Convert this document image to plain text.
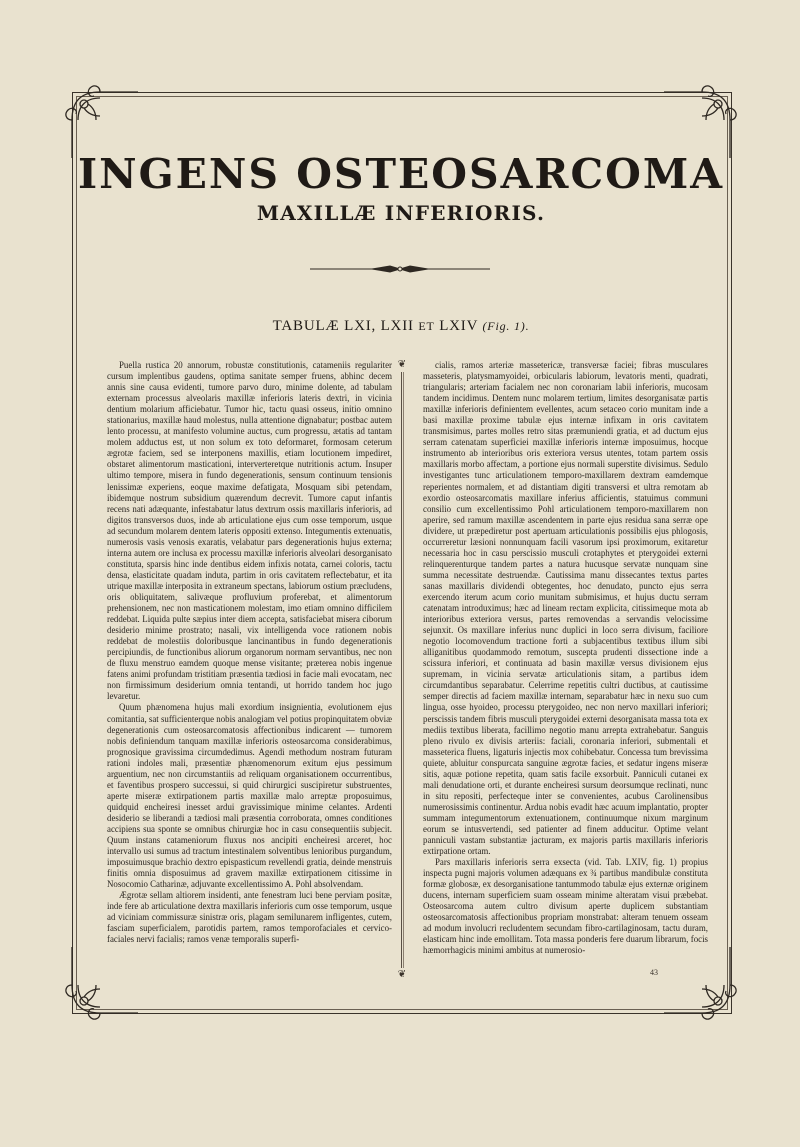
INGENS OSTEOSARCOMA
MAXILLÆ INFERIORIS.
TABULÆ LXI, LXII ET LXIV (Fig. 1).

Puella rustica 20 annorum, robustæ constitutionis, catameniis regulariter cursum implentibus gaudens, optima sanitate semper fruens, abhinc decem annis sine causa evidenti, tumore parvo duro, minime dolente, ad tabulam externam processus alveolaris maxillæ inferioris lateris dextri, in vicinia dentium molarium afficiebatur. Tumor hic, tactu quasi osseus, initio omnino stationarius, maxillæ haud molestus, nulla attentione dignabatur; postbac autem lento processu, at manifesto volumine auctus, cum progressu, ætatis ad tantam molem adductus est, ut non solum ex toto deformaret, formosam ceterum ægrotæ faciem, sed se interponens maxillis, etiam locutionem impediret, obstaret alimentorum masticationi, interverteretque nutritionis actum. Insuper ultimo tempore, misera in fundo degenerationis, sensum continuum tensionis lenissimæ experiens, eoque maxime defatigata, Mosquam sibi petendam, ibidemque nostrum subsidium quærendum decrevit. Tumore caput infantis recens nati adæquante, infestabatur latus dextrum ossis maxillaris inferioris, ad digitos transversos duos, inde ab articulatione ejus cum osse temporum, usque ad secundum molarem dentem lateris oppositi extenso. Integumentis extenuatis, numerosis vasis venosis exaratis, velabatur pars degenerationis hujus externa; interna autem ore inclusa ex processu maxillæ inferioris alveolari desorganisato constituta, sparsis hinc inde dentibus eidem infixis notata, carnei coloris, tactu densa, elasticitate quadam induta, partim in oris cavitatem reflectebatur, et ita utrique maxillæ interposita in extraneum spectans, labiorum ostium præcludens, oris obliquitatem, salivæque profluvium proferebat, et alimentorum prehensionem, nec non masticationem molestam, imo etiam omnino difficilem reddebat. Liquida pulte sæpius inter diem accepta, satisfaciebat misera ciborum desiderio minime prostrato; nasali, vix intelligenda voce rationem nobis reddebat de molestiis doloribusque lancinantibus in fundo degenerationis percipiundis, de functionibus aliorum organorum normam servantibus, nec non de fluxu menstruo eamdem quoque mense visitante; præterea nobis ingenue fatens animi profundam tristitiam præsentia tædiosi in facie mali evocatam, nec non firmissimum desiderium omnia tentandi, ut horrido tandem hoc jugo levaretur.

Quum phænomena hujus mali exordium insignientia, evolutionem ejus comitantia, sat sufficienterque nobis analogiam vel potius propinquitatem obviæ degenerationis cum osteosarcomatosis affectionibus indicarent — tumorem nobis definiendum tanquam maxillæ inferioris osteosarcoma considerabimus, prognosique gravissima circumdedimus. Agendi methodum nostram futuram rationi indoles mali, præsentiæ phænomenorum exitum ejus pessimum arguentium, nec non circumstantiis ad reliquam organisationem occurrentibus, et faventibus prospero successui, si quid chirurgici suscipiretur substruentes, aperte miseræ extirpationem partis maxillæ malo arreptæ proposuimus, quidquid encheiresi inesset ardui gravissimique minime celantes. Ardenti desiderio se liberandi a tædiosi mali præsentia corroborata, omnes conditiones accipiens sua sponte se omnibus chirurgiæ hoc in casu consequentiis subjecit. Quum instans catameniorum fluxus nos ancipiti encheiresi arceret, hoc intervallo usi sumus ad tractum intestinalem solventibus lenioribus purgandum, imposuimusque brachio dextro epispasticum revellendi gratia, deinde menstruis finitis omnia disposuimus ad gravem maxillæ extirpationem citissime in Nosocomio Catharinæ, adjuvante excellentissimo A. Pohl absolvendam.

Ægrotæ sellam altiorem insidenti, ante fenestram luci bene perviam positæ, inde fere ab articulatione dextra maxillaris inferioris cum osse temporum, usque ad viciniam commissuræ sinistræ oris, plagam semilunarem infligentes, cutem, fasciam superficialem, parotidis partem, ramos temporofaciales et cervico-faciales nervi facialis; ramos venæ temporalis superfi-

❦
❦

cialis, ramos arteriæ massetericæ, transversæ faciei; fibras musculares masseteris, platysmamyoidei, orbicularis labiorum, levatoris menti, quadrati, triangularis; arteriam facialem nec non coronariam labii inferioris, mucosam tandem incidimus. Dentem nunc molarem tertium, limites desorganisatæ partis maxillæ inferioris definientem evellentes, acum setaceo corio munitam inde a basi maxillæ proxime tabulæ ejus internæ infixam in oris cavitatem transmisimus, partes molles retro sitas præmuniendi gratia, et ad ductum ejus serram catenatam superficiei maxillæ inferioris internæ imposuimus, hocque instrumento ab interioribus oris exteriora versus utentes, totam partem ossis maxillaris morbo affectam, a portione ejus normali superstite divisimus. Sedulo investigantes tunc articulationem temporo-maxillarem dextram eamdemque reperientes normalem, et ad distantiam digiti transversi et ultra remotam ab exordio osteosarcomatis maxillare inferius afficientis, statuimus communi consilio cum excellentissimo Pohl articulationem temporo-maxillarem non aperire, sed ramum maxillæ ascendentem in parte ejus residua sana serræ ope dividere, ut præpediretur post apertuam articulationis possibilis ejus phlogosis, occurreretur læsioni nonnunquam facili vasorum ipsi proximorum, exitaretur necessaria hoc in casu perscissio musculi crotaphytes et pterygoidei externi relinquerenturque tandem partes a natura hucusque servatæ nunquam sine summa necessitate destruendæ. Cautissima manu dissecantes textus partes sanas maxillaris dividendi obtegentes, hoc denudato, puncto ejus serra exercendo iterum acum corio munitam submisimus, et hujus ductu serram catenatam introduximus; hæc ad lineam rectam explicita, citissimeque mota ab interioribus exteriora versus, partes removendas a servandis velocissime sejunxit. Os maxillare inferius nunc duplici in loco serra divisum, faciliore negotio locomovendum tractione forti a subjacentibus textibus illum sibi alliganitibus quodammodo remotum, suscepta prudenti dissectione inde a scissura inferiori, et continuata ad basin maxillæ versus divisionem ejus supremam, in vicinia servatæ articulationis sitam, a partibus idem circumdantibus separabatur. Celerrime repetitis cultri ductibus, at cautissime semper directis ad faciem maxillæ internam, separabatur hæc in nexu suo cum lingua, osse hyoideo, processu pterygoideo, nec non nervo maxillari inferiori; perscissis tandem fibris musculi pterygoidei externi desorganisata massa tota ex mediis textibus liberata, facillimo negotio manu arrepta extrahebatur. Sanguis pleno rivulo ex divisis arteriis: faciali, coronaria inferiori, submentali et masseterica fluens, ligaturis injectis mox cohibebatur. Concessa tum brevissima quiete, abluitur conspurcata sanguine ægrotæ facies, et sedatur ingens miseræ sitis, aquæ potione repetita, quam satis facile exsorbuit. Panniculi cutanei ex mali denudatione orti, et durante encheiresi sursum deorsumque reclinati, nunc in situ repositi, perfecteque inter se convenientes, acubus Carolinensibus numerosissimis continentur. Ardua nobis evadit hæc acuum implantatio, propter summam integumentorum extenuationem, continuumque nixum marginum eorum se intusvertendi, sed patienter ad finem adducitur. Optime velant panniculi vastam substantiæ jacturam, ex majoris partis maxillaris inferioris extirpatione ortam.

Pars maxillaris inferioris serra exsecta (vid. Tab. LXIV, fig. 1) propius inspecta pugni majoris volumen adæquans ex ¾ partibus mandibulæ constituta formæ globosæ, ex desorganisatione tantummodo tabulæ ejus externæ originem ducens, internam superficiem suam osseam minime alteratam visui præbebat. Osteosarcoma autem cultro divisum aperte duplicem substantiam osteosarcomatosis affectionibus propriam monstrabat: alteram tenuem osseam ad modum involucri recludentem secundam fibro-cartilaginosam, tactu duram, elasticam hinc inde emollitam. Tota massa ponderis fere duarum librarum, focis hæmorrhagicis minimi ambitus at numerosio-

43
